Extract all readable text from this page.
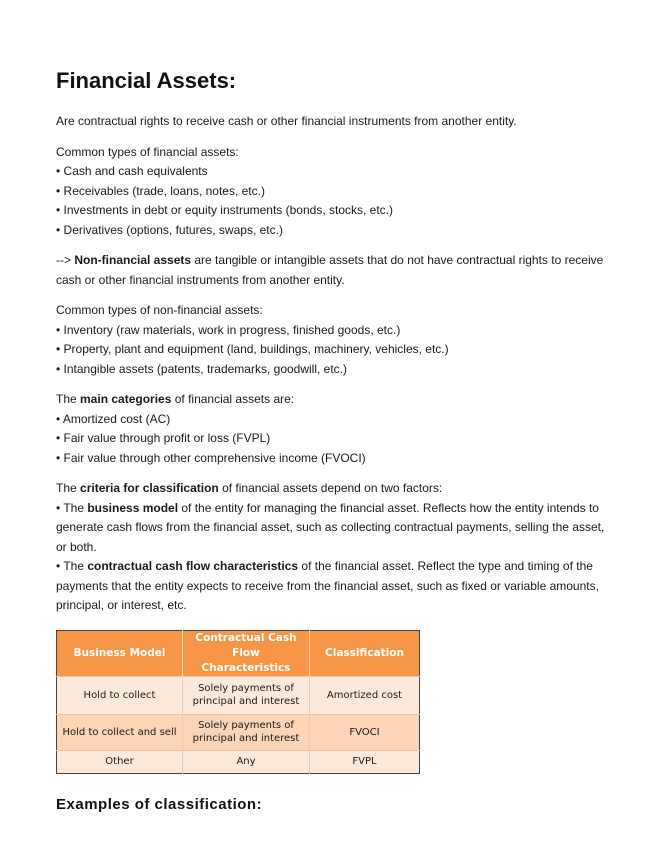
Financial Assets:

Are contractual rights to receive cash or other financial instruments from another entity.

Common types of financial assets:
• Cash and cash equivalents
• Receivables (trade, loans, notes, etc.)
• Investments in debt or equity instruments (bonds, stocks, etc.)
• Derivatives (options, futures, swaps, etc.)

--> Non-financial assets are tangible or intangible assets that do not have contractual rights to receive cash or other financial instruments from another entity.

Common types of non-financial assets:
• Inventory (raw materials, work in progress, finished goods, etc.)
• Property, plant and equipment (land, buildings, machinery, vehicles, etc.)
• Intangible assets (patents, trademarks, goodwill, etc.)
The main categories of financial assets are:
• Amortized cost (AC)
• Fair value through profit or loss (FVPL)
• Fair value through other comprehensive income (FVOCI)
The criteria for classification of financial assets depend on two factors:

• The business model of the entity for managing the financial asset. Reflects how the entity intends to generate cash flows from the financial asset, such as collecting contractual payments, selling the asset, or both.

• The contractual cash flow characteristics of the financial asset. Reflect the type and timing of the payments that the entity expects to receive from the financial asset, such as fixed or variable amounts, principal, or interest, etc.

Business Model	Contractual Cash Flow Characteristics	Classification
Hold to collect	Solely payments of principal and interest	Amortized cost
Hold to collect and sell	Solely payments of principal and interest	FVOCI
Other	Any	FVPL
Examples of classification:
